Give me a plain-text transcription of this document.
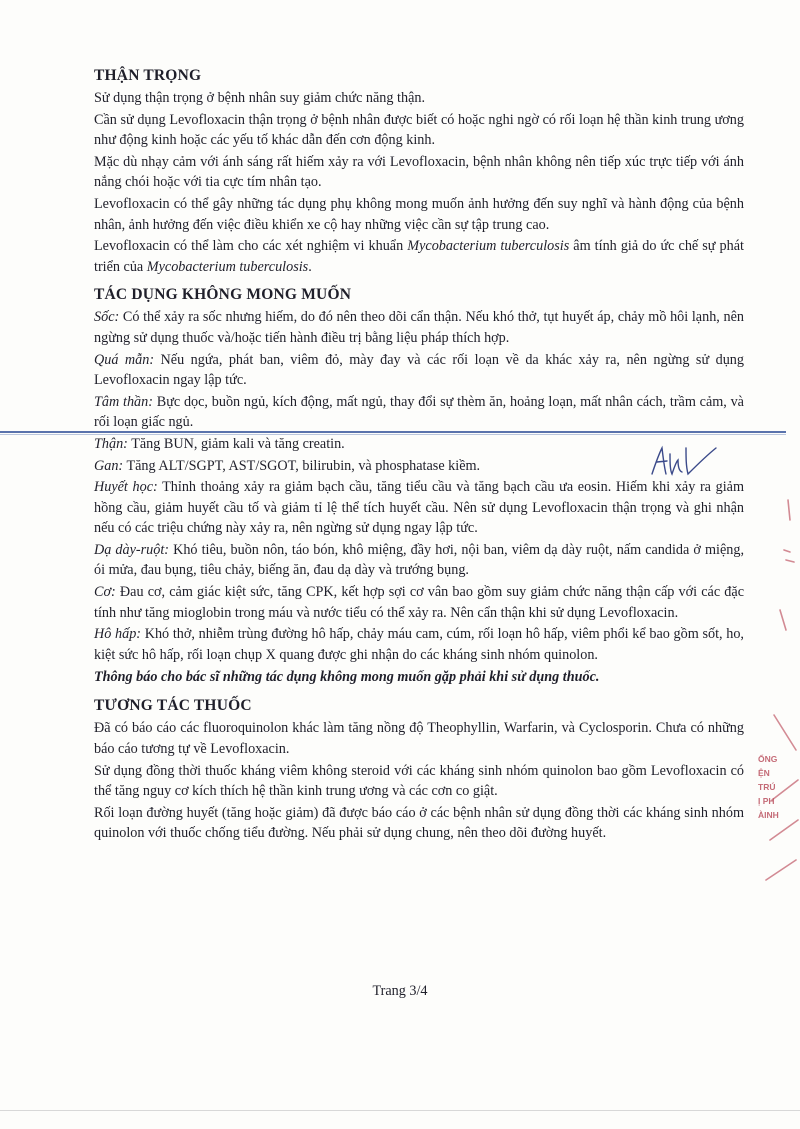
THẬN TRỌNG

Sử dụng thận trọng ở bệnh nhân suy giảm chức năng thận.

Cần sử dụng Levofloxacin thận trọng ở bệnh nhân được biết có hoặc nghi ngờ có rối loạn hệ thần kinh trung ương như động kinh hoặc các yếu tố khác dẫn đến cơn động kinh.

Mặc dù nhạy cảm với ánh sáng rất hiếm xảy ra với Levofloxacin, bệnh nhân không nên tiếp xúc trực tiếp với ánh nắng chói hoặc với tia cực tím nhân tạo.

Levofloxacin có thể gây những tác dụng phụ không mong muốn ảnh hưởng đến suy nghĩ và hành động của bệnh nhân, ảnh hưởng đến việc điều khiển xe cộ hay những việc cần sự tập trung cao.

Levofloxacin có thể làm cho các xét nghiệm vi khuẩn Mycobacterium tuberculosis âm tính giả do ức chế sự phát triển của Mycobacterium tuberculosis.

TÁC DỤNG KHÔNG MONG MUỐN

Sốc: Có thể xảy ra sốc nhưng hiếm, do đó nên theo dõi cẩn thận. Nếu khó thở, tụt huyết áp, chảy mồ hôi lạnh, nên ngừng sử dụng thuốc và/hoặc tiến hành điều trị bằng liệu pháp thích hợp.

Quá mẫn: Nếu ngứa, phát ban, viêm đỏ, mày đay và các rối loạn về da khác xảy ra, nên ngừng sử dụng Levofloxacin ngay lập tức.

Tâm thần: Bực dọc, buồn ngủ, kích động, mất ngủ, thay đổi sự thèm ăn, hoảng loạn, mất nhân cách, trầm cảm, và rối loạn giấc ngủ.

Thận: Tăng BUN, giảm kali và tăng creatin.

Gan: Tăng ALT/SGPT, AST/SGOT, bilirubin, và phosphatase kiềm.

Huyết học: Thỉnh thoảng xảy ra giảm bạch cầu, tăng tiểu cầu và tăng bạch cầu ưa eosin. Hiếm khi xảy ra giảm hồng cầu, giảm huyết cầu tố và giảm tỉ lệ thể tích huyết cầu. Nên sử dụng Levofloxacin thận trọng và ghi nhận nếu có các triệu chứng này xảy ra, nên ngừng sử dụng ngay lập tức.

Dạ dày-ruột: Khó tiêu, buồn nôn, táo bón, khô miệng, đầy hơi, nội ban, viêm dạ dày ruột, nấm candida ở miệng, ói mửa, đau bụng, tiêu chảy, biếng ăn, đau dạ dày và trướng bụng.

Cơ: Đau cơ, cảm giác kiệt sức, tăng CPK, kết hợp sợi cơ vân bao gồm suy giảm chức năng thận cấp với các đặc tính như tăng mioglobin trong máu và nước tiểu có thể xảy ra. Nên cẩn thận khi sử dụng Levofloxacin.

Hô hấp: Khó thở, nhiễm trùng đường hô hấp, chảy máu cam, cúm, rối loạn hô hấp, viêm phổi kể bao gồm sốt, ho, kiệt sức hô hấp, rối loạn chụp X quang được ghi nhận do các kháng sinh nhóm quinolon.

Thông báo cho bác sĩ những tác dụng không mong muốn gặp phải khi sử dụng thuốc.

TƯƠNG TÁC THUỐC

Đã có báo cáo các fluoroquinolon khác làm tăng nồng độ Theophyllin, Warfarin, và Cyclosporin. Chưa có những báo cáo tương tự về Levofloxacin.

Sử dụng đồng thời thuốc kháng viêm không steroid với các kháng sinh nhóm quinolon bao gồm Levofloxacin có thể tăng nguy cơ kích thích hệ thần kinh trung ương và các cơn co giật.

Rối loạn đường huyết (tăng hoặc giảm) đã được báo cáo ở các bệnh nhân sử dụng đồng thời các kháng sinh nhóm quinolon với thuốc chống tiểu đường. Nếu phải sử dụng chung, nên theo dõi đường huyết.

ỐNG
ỆN
TRÚ
Ị PH
ÀINH
Trang 3/4
